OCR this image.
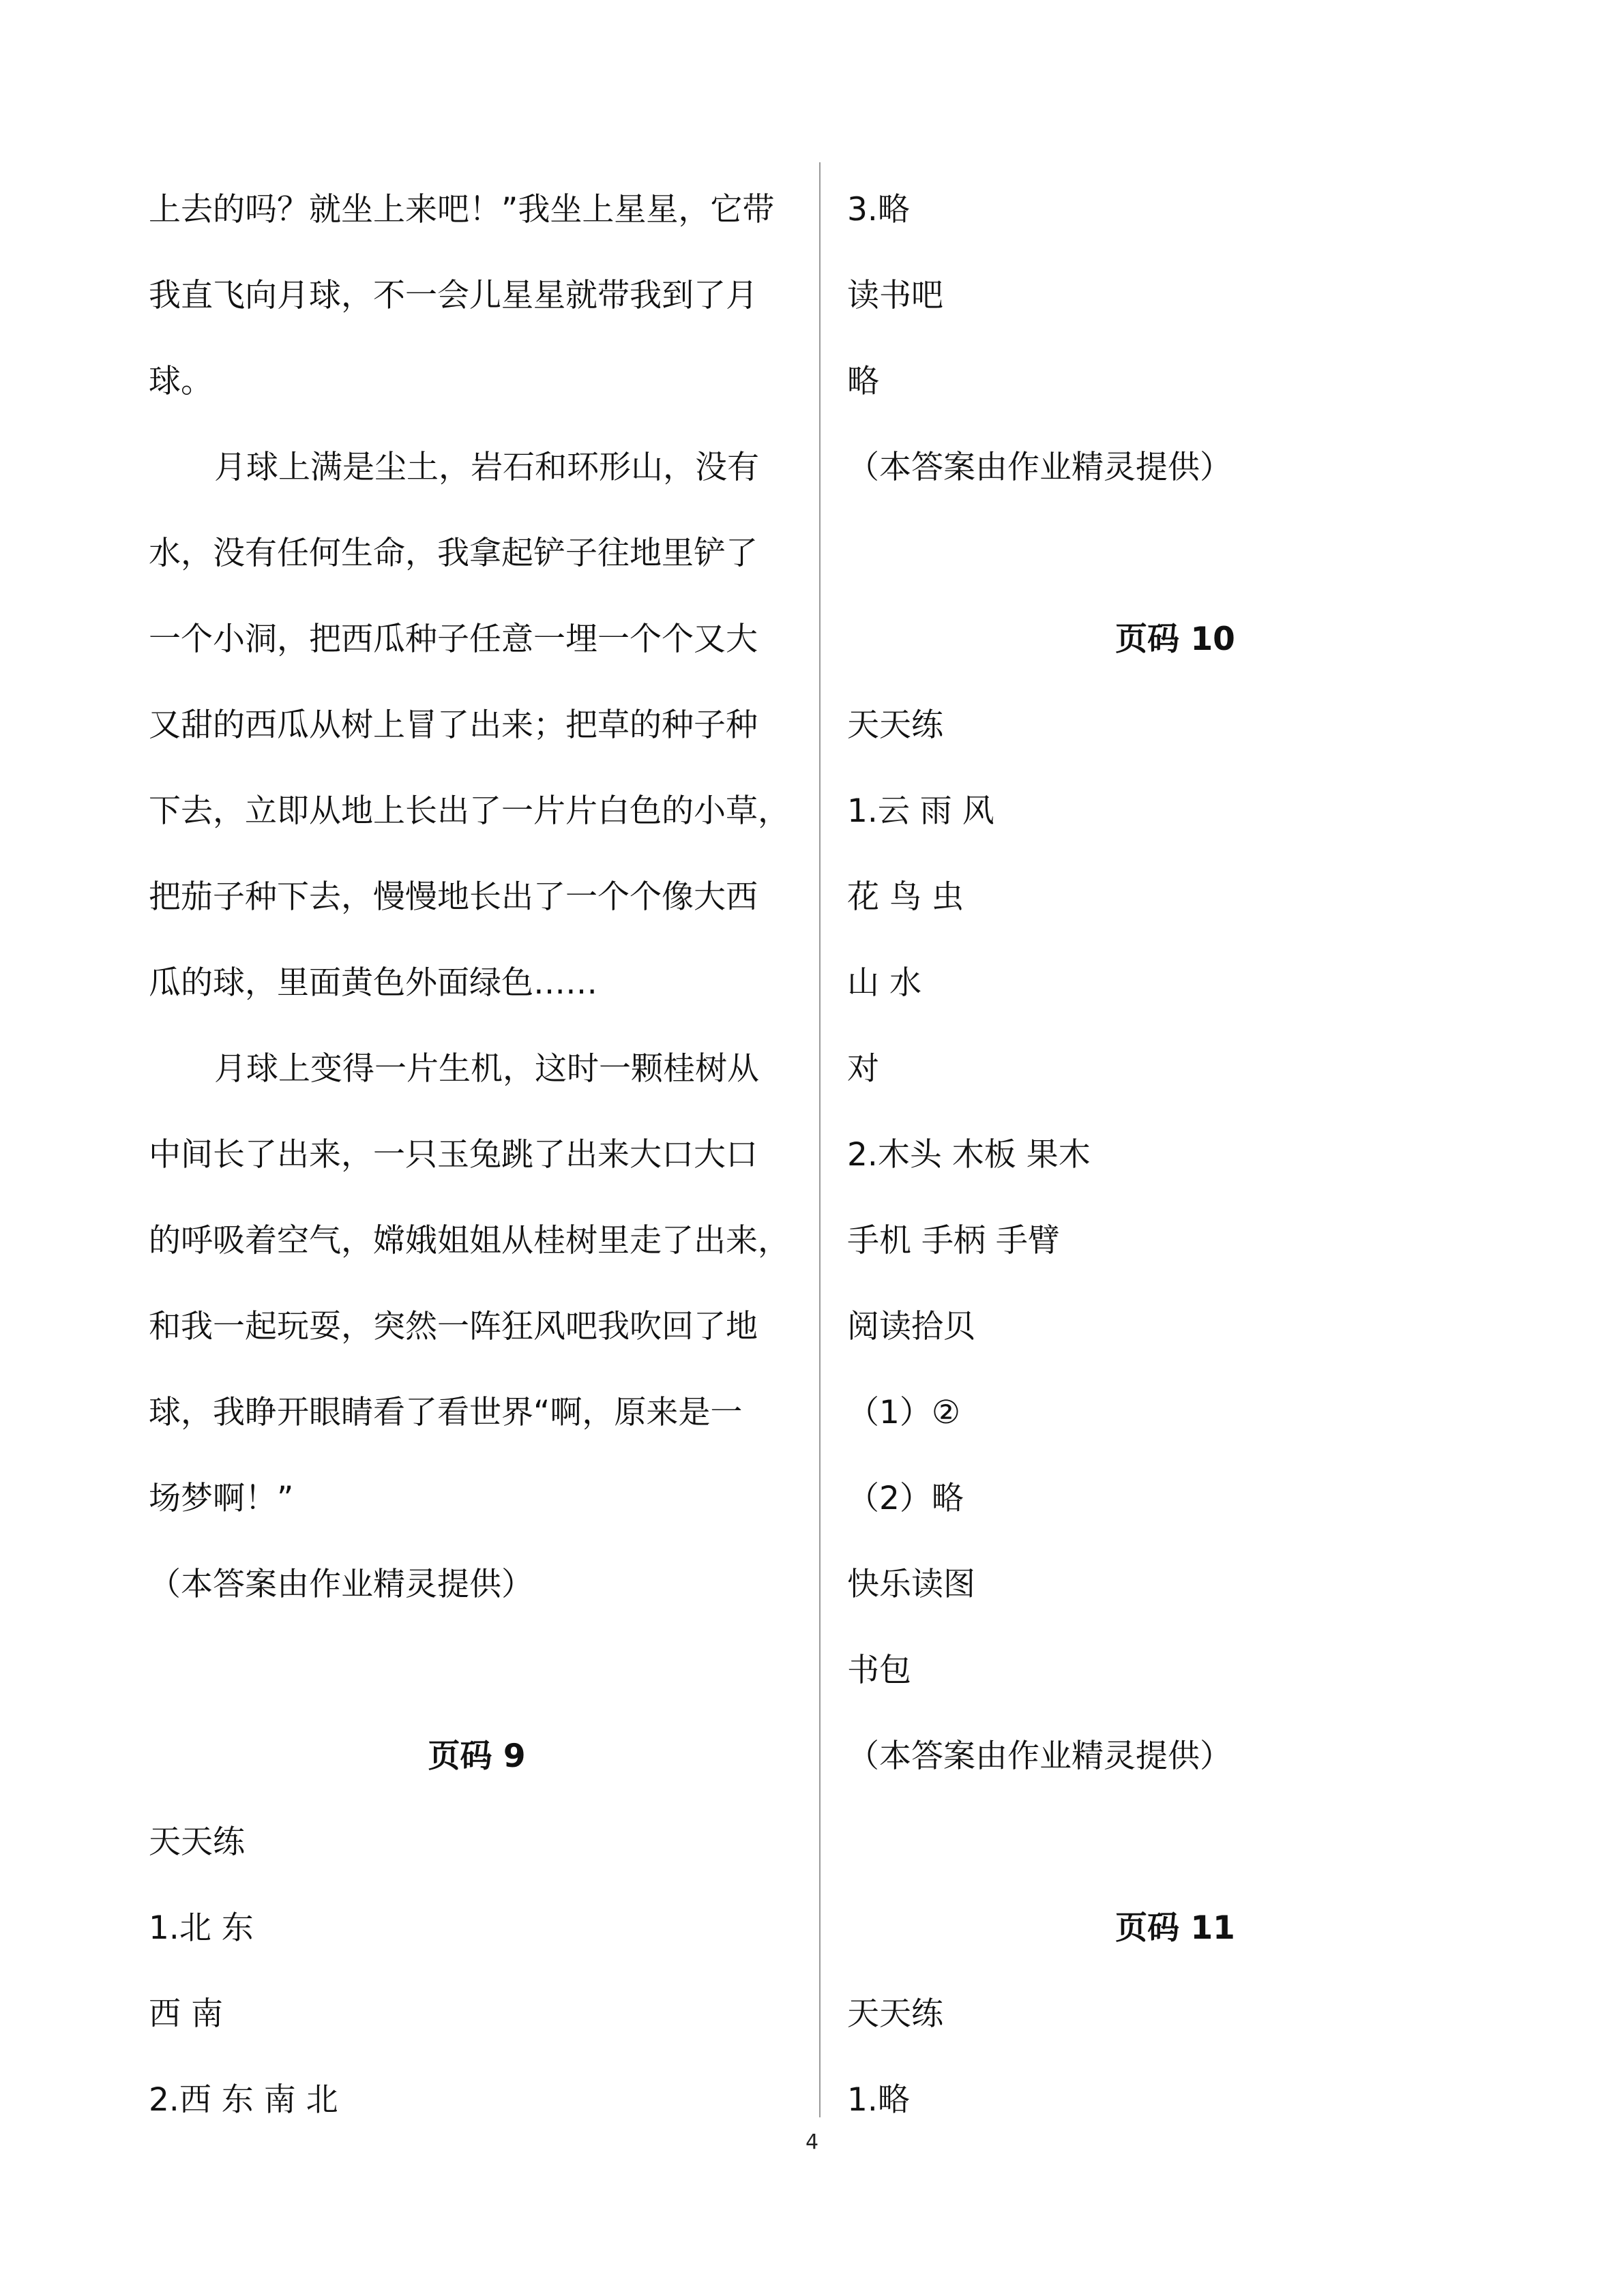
上去的吗？就坐上来吧！”我坐上星星，它带
我直飞向月球，不一会儿星星就带我到了月
球。
月球上满是尘土，岩石和环形山，没有
水，没有任何生命，我拿起铲子往地里铲了
一个小洞，把西瓜种子任意一埋一个个又大
又甜的西瓜从树上冒了出来；把草的种子种
下去，立即从地上长出了一片片白色的小草，
把茄子种下去，慢慢地长出了一个个像大西
瓜的球，里面黄色外面绿色……
月球上变得一片生机，这时一颗桂树从
中间长了出来，一只玉兔跳了出来大口大口
的呼吸着空气，嫦娥姐姐从桂树里走了出来，
和我一起玩耍，突然一阵狂风吧我吹回了地
球，我睁开眼睛看了看世界“啊，原来是一
场梦啊！”
（本答案由作业精灵提供）
页码 9
天天练
1.北 东
西 南
2.西 东 南 北
3.略
读书吧
略
（本答案由作业精灵提供）
页码 10
天天练
1.云 雨 风
花 鸟 虫
山 水
对
2.木头 木板 果木
手机 手柄 手臂
阅读拾贝
（1）②
（2）略
快乐读图
书包
（本答案由作业精灵提供）
页码 11
天天练
1.略
4
